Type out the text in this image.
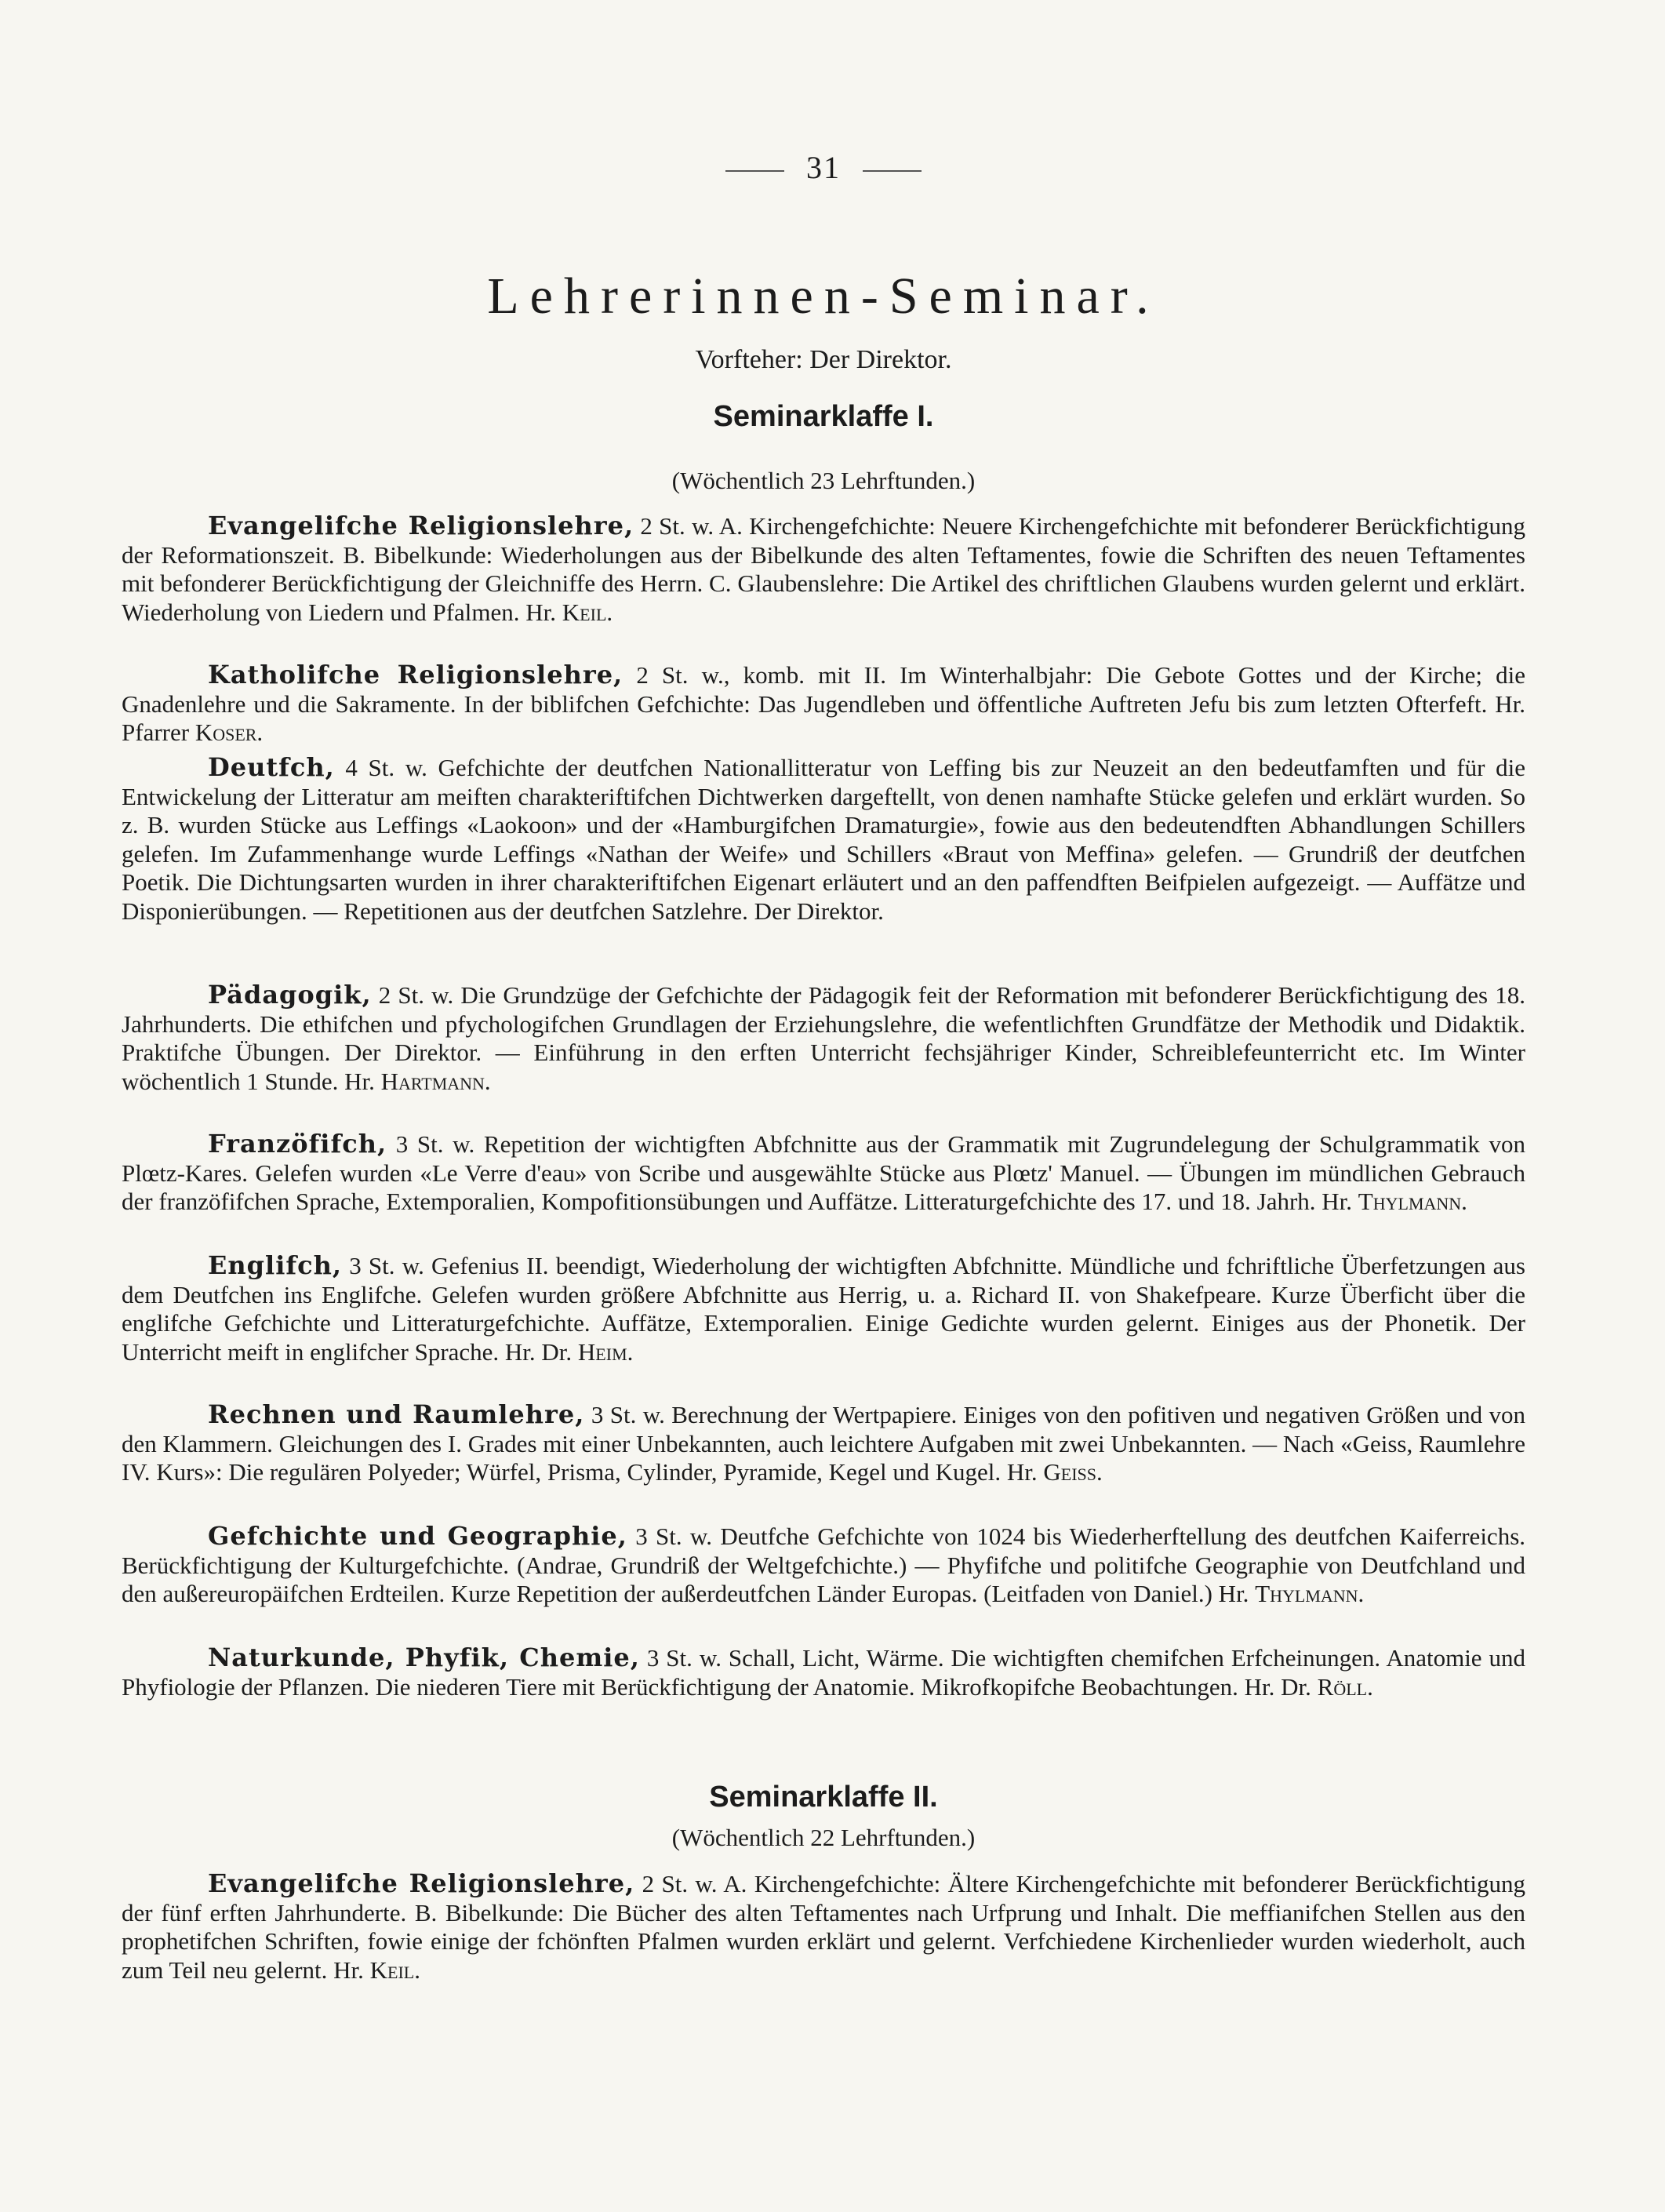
31
Lehrerinnen-Seminar.
Vorfteher: Der Direktor.
Seminarklaffe I.
(Wöchentlich 23 Lehrftunden.)
Evangelifche Religionslehre, 2 St. w. A. Kirchengefchichte: Neuere Kirchengefchichte mit befonderer Berückfichtigung der Reformationszeit. B. Bibelkunde: Wiederholungen aus der Bibelkunde des alten Teftamentes, fowie die Schriften des neuen Teftamentes mit befonderer Berückfichtigung der Gleichniffe des Herrn. C. Glaubenslehre: Die Artikel des chriftlichen Glaubens wurden gelernt und erklärt. Wiederholung von Liedern und Pfalmen. Hr. Keil.
Katholifche Religionslehre, 2 St. w., komb. mit II. Im Winterhalbjahr: Die Gebote Gottes und der Kirche; die Gnadenlehre und die Sakramente. In der biblifchen Gefchichte: Das Jugendleben und öffentliche Auftreten Jefu bis zum letzten Ofterfeft. Hr. Pfarrer Koser.
Deutfch, 4 St. w. Gefchichte der deutfchen Nationallitteratur von Leffing bis zur Neuzeit an den bedeutfamften und für die Entwickelung der Litteratur am meiften charakteriftifchen Dichtwerken dargeftellt, von denen namhafte Stücke gelefen und erklärt wurden. So z. B. wurden Stücke aus Leffings «Laokoon» und der «Hamburgifchen Dramaturgie», fowie aus den bedeutendften Abhandlungen Schillers gelefen. Im Zufammenhange wurde Leffings «Nathan der Weife» und Schillers «Braut von Meffina» gelefen. — Grundriß der deutfchen Poetik. Die Dichtungsarten wurden in ihrer charakteriftifchen Eigenart erläutert und an den paffendften Beifpielen aufgezeigt. — Auffätze und Disponierübungen. — Repetitionen aus der deutfchen Satzlehre. Der Direktor.
Pädagogik, 2 St. w. Die Grundzüge der Gefchichte der Pädagogik feit der Reformation mit befonderer Berückfichtigung des 18. Jahrhunderts. Die ethifchen und pfychologifchen Grundlagen der Erziehungslehre, die wefentlichften Grundfätze der Methodik und Didaktik. Praktifche Übungen. Der Direktor. — Einführung in den erften Unterricht fechsjähriger Kinder, Schreiblefeunterricht etc. Im Winter wöchentlich 1 Stunde. Hr. Hartmann.
Franzöfifch, 3 St. w. Repetition der wichtigften Abfchnitte aus der Grammatik mit Zugrundelegung der Schulgrammatik von Plœtz-Kares. Gelefen wurden «Le Verre d'eau» von Scribe und ausgewählte Stücke aus Plœtz' Manuel. — Übungen im mündlichen Gebrauch der franzöfifchen Sprache, Extemporalien, Kompofitionsübungen und Auffätze. Litteraturgefchichte des 17. und 18. Jahrh. Hr. Thylmann.
Englifch, 3 St. w. Gefenius II. beendigt, Wiederholung der wichtigften Abfchnitte. Mündliche und fchriftliche Überfetzungen aus dem Deutfchen ins Englifche. Gelefen wurden größere Abfchnitte aus Herrig, u. a. Richard II. von Shakefpeare. Kurze Überficht über die englifche Gefchichte und Litteraturgefchichte. Auffätze, Extemporalien. Einige Gedichte wurden gelernt. Einiges aus der Phonetik. Der Unterricht meift in englifcher Sprache. Hr. Dr. Heim.
Rechnen und Raumlehre, 3 St. w. Berechnung der Wertpapiere. Einiges von den pofitiven und negativen Größen und von den Klammern. Gleichungen des I. Grades mit einer Unbekannten, auch leichtere Aufgaben mit zwei Unbekannten. — Nach «Geiss, Raumlehre IV. Kurs»: Die regulären Polyeder; Würfel, Prisma, Cylinder, Pyramide, Kegel und Kugel. Hr. Geiss.
Gefchichte und Geographie, 3 St. w. Deutfche Gefchichte von 1024 bis Wiederherftellung des deutfchen Kaiferreichs. Berückfichtigung der Kulturgefchichte. (Andrae, Grundriß der Weltgefchichte.) — Phyfifche und politifche Geographie von Deutfchland und den außereuropäifchen Erdteilen. Kurze Repetition der außerdeutfchen Länder Europas. (Leitfaden von Daniel.) Hr. Thylmann.
Naturkunde, Phyfik, Chemie, 3 St. w. Schall, Licht, Wärme. Die wichtigften chemifchen Erfcheinungen. Anatomie und Phyfiologie der Pflanzen. Die niederen Tiere mit Berückfichtigung der Anatomie. Mikrofkopifche Beobachtungen. Hr. Dr. Röll.
Seminarklaffe II.
(Wöchentlich 22 Lehrftunden.)
Evangelifche Religionslehre, 2 St. w. A. Kirchengefchichte: Ältere Kirchengefchichte mit befonderer Berückfichtigung der fünf erften Jahrhunderte. B. Bibelkunde: Die Bücher des alten Teftamentes nach Urfprung und Inhalt. Die meffianifchen Stellen aus den prophetifchen Schriften, fowie einige der fchönften Pfalmen wurden erklärt und gelernt. Verfchiedene Kirchenlieder wurden wiederholt, auch zum Teil neu gelernt. Hr. Keil.
